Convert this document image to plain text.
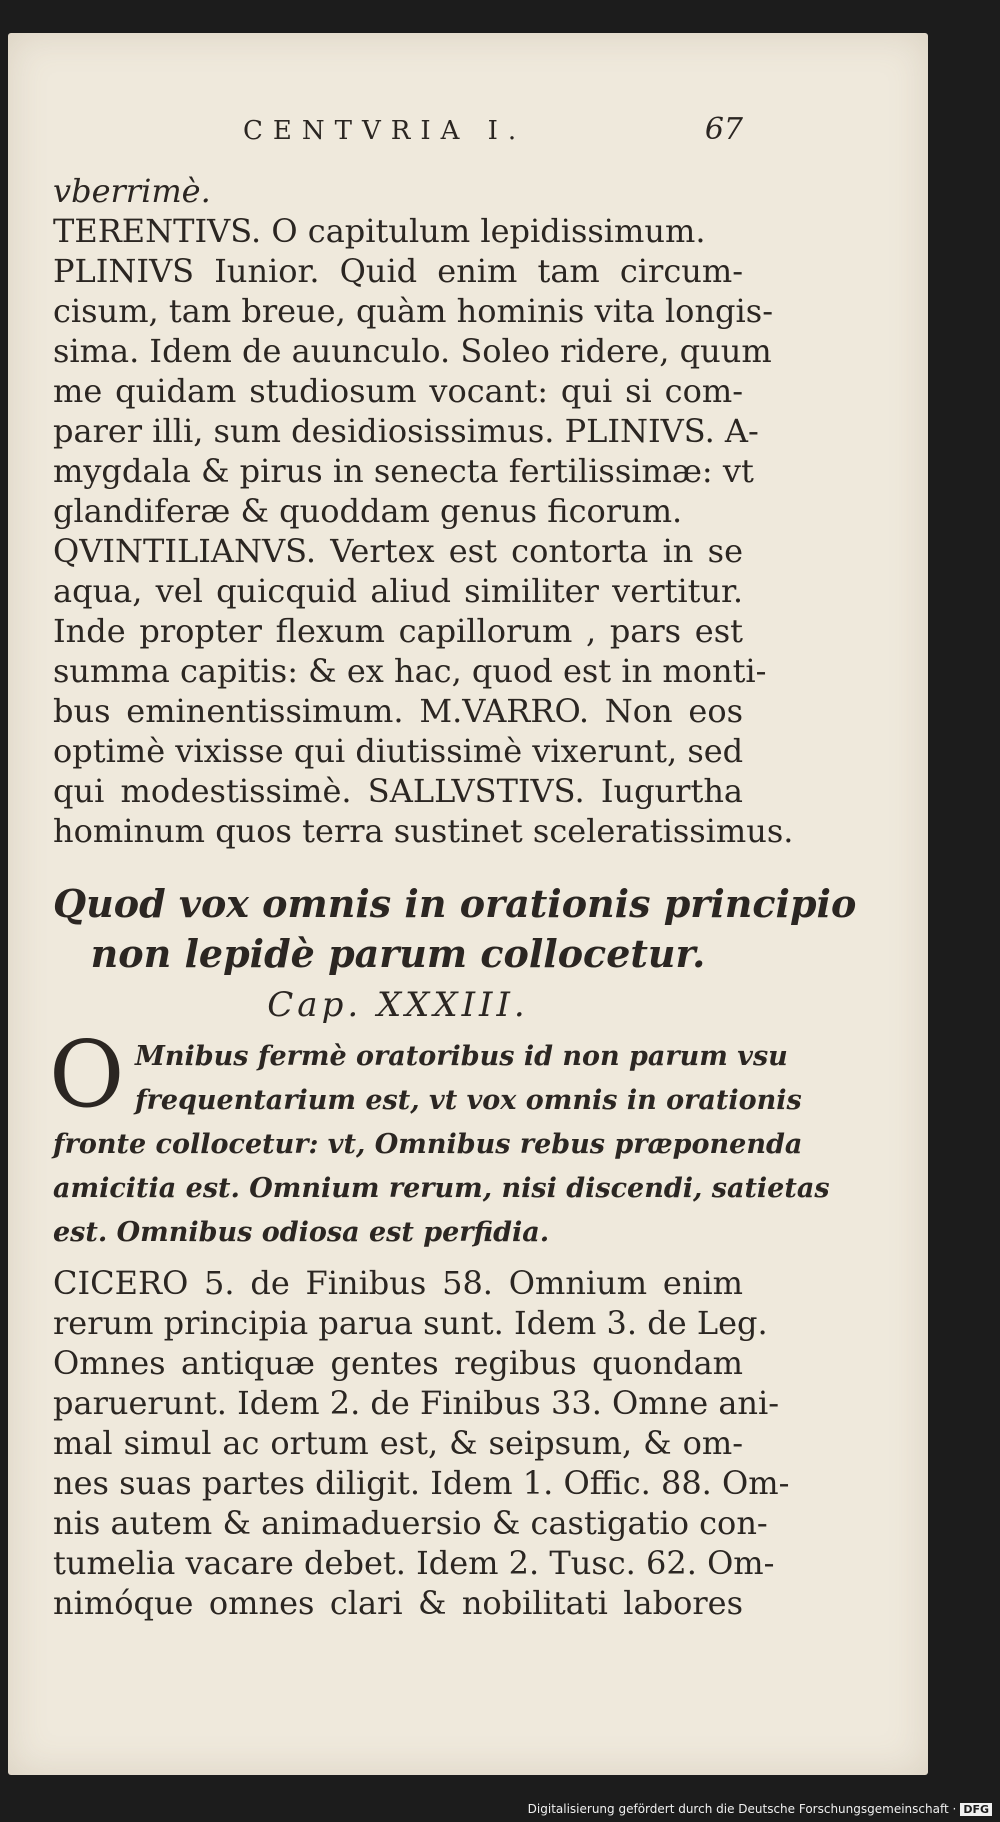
CENTVRIA I.	67
vberrimè.
TERENTIVS. O capitulum lepidissimum.
PLINIVS Iunior. Quid enim tam circum-
cisum, tam breue, quàm hominis vita longis-
sima. Idem de auunculo. Soleo ridere, quum
me quidam studiosum vocant: qui si com-
parer illi, sum desidiosissimus. PLINIVS. A-
mygdala & pirus in senecta fertilissimæ: vt
glandiferæ & quoddam genus ficorum.
QVINTILIANVS. Vertex est contorta in se
aqua, vel quicquid aliud similiter vertitur.
Inde propter flexum capillorum , pars est
summa capitis: & ex hac, quod est in monti-
bus eminentissimum. M.VARRO. Non eos
optimè vixisse qui diutissimè vixerunt, sed
qui modestissimè. SALLVSTIVS. Iugurtha
hominum quos terra sustinet sceleratissimus.
Quod vox omnis in orationis principio
non lepidè parum collocetur.
Cap. XXXIII.
O Mnibus fermè oratoribus id non parum vsu
frequentarium est, vt vox omnis in orationis
fronte collocetur: vt, Omnibus rebus præponenda
amicitia est. Omnium rerum, nisi discendi, satietas
est. Omnibus odiosa est perfidia.
CICERO 5. de Finibus 58. Omnium enim
rerum principia parua sunt. Idem 3. de Leg.
Omnes antiquæ gentes regibus quondam
paruerunt. Idem 2. de Finibus 33. Omne ani-
mal simul ac ortum est, & seipsum, & om-
nes suas partes diligit. Idem 1. Offic. 88. Om-
nis autem & animaduersio & castigatio con-
tumelia vacare debet. Idem 2. Tusc. 62. Om-
nimóque omnes clari & nobilitati labores
Digitalisierung gefördert durch die Deutsche Forschungsgemeinschaft · DFG
